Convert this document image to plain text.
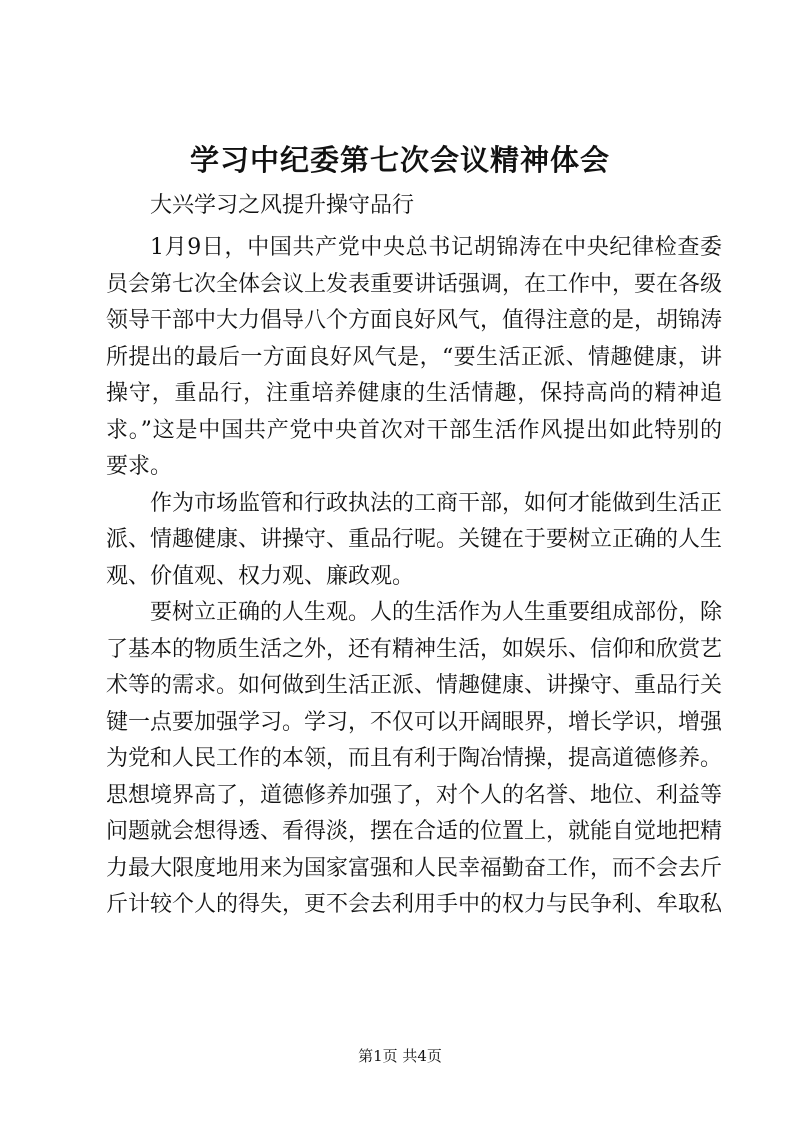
学习中纪委第七次会议精神体会

大兴学习之风提升操守品行

1月9日，中国共产党中央总书记胡锦涛在中央纪律检查委员会第七次全体会议上发表重要讲话强调，在工作中，要在各级领导干部中大力倡导八个方面良好风气，值得注意的是，胡锦涛所提出的最后一方面良好风气是，“要生活正派、情趣健康，讲操守，重品行，注重培养健康的生活情趣，保持高尚的精神追求。”这是中国共产党中央首次对干部生活作风提出如此特别的要求。

作为市场监管和行政执法的工商干部，如何才能做到生活正派、情趣健康、讲操守、重品行呢。关键在于要树立正确的人生观、价值观、权力观、廉政观。

要树立正确的人生观。人的生活作为人生重要组成部份，除了基本的物质生活之外，还有精神生活，如娱乐、信仰和欣赏艺术等的需求。如何做到生活正派、情趣健康、讲操守、重品行关键一点要加强学习。学习，不仅可以开阔眼界，增长学识，增强为党和人民工作的本领，而且有利于陶冶情操，提高道德修养。思想境界高了，道德修养加强了，对个人的名誉、地位、利益等问题就会想得透、看得淡，摆在合适的位置上，就能自觉地把精力最大限度地用来为国家富强和人民幸福勤奋工作，而不会去斤斤计较个人的得失，更不会去利用手中的权力与民争利、牟取私

第1页 共4页
